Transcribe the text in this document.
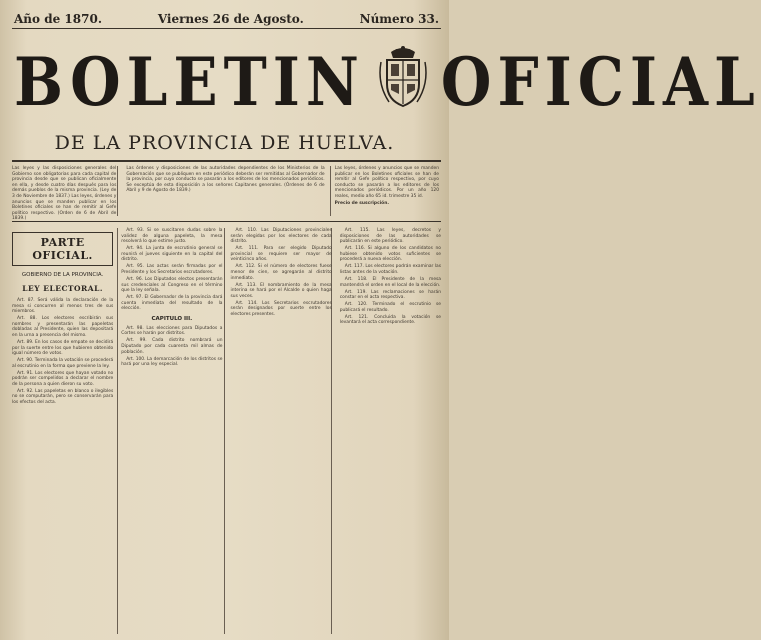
Año de 1870.	Viernes 26 de Agosto.	Número 33.
BOLETIN OFICIAL
DE LA PROVINCIA DE HUELVA.

Las leyes y las disposiciones generales del Gobierno son obligatorias para cada capital de provincia desde que se publican oficialmente en ella, y desde cuatro días después para los demás pueblos de la misma provincia. (Ley de 3 de Noviembre de 1837.) Las leyes, órdenes y anuncios que se manden publicar en los Boletines oficiales se han de remitir al Gefe político respectivo. (Orden de 6 de Abril de 1839.)

Las órdenes y disposiciones de las autoridades dependientes de los Ministerios de la Gobernación que se publiquen en este periódico deberán ser remitidas al Gobernador de la provincia, por cuyo conducto se pasarán a los editores de los mencionados periódicos. Se exceptúa de esta disposición a los señores Capitanes generales. (Órdenes de 6 de Abril y 9 de Agosto de 1839.)

Las leyes, órdenes y anuncios que se manden publicar en los Boletines oficiales se han de remitir al Gefe político respectivo, por cuyo conducto se pasarán a los editores de los mencionados periódicos. Por un año 120 reales, medio año 65 id. trimestre 35 id.

Precio de suscripción.

PARTE OFICIAL.
GOBIERNO DE LA PROVINCIA.
LEY ELECTORAL.

Art. 87. Será válida la declaración de la mesa si concurren al menos tres de sus miembros.

Art. 88. Los electores escribirán sus nombres y presentarán las papeletas dobladas al Presidente, quien las depositará en la urna a presencia del mismo.

Art. 89. En los casos de empate se decidirá por la suerte entre los que hubieren obtenido igual número de votos.

Art. 90. Terminada la votación se procederá al escrutinio en la forma que previene la ley.

Art. 91. Los electores que hayan votado no podrán ser compelidos a declarar el nombre de la persona a quien dieron su voto.

Art. 92. Las papeletas en blanco o ilegibles no se computarán, pero se conservarán para los efectos del acta.

Art. 93. Si se suscitaren dudas sobre la validez de alguna papeleta, la mesa resolverá lo que estime justo.

Art. 94. La junta de escrutinio general se reunirá el jueves siguiente en la capital del distrito.

Art. 95. Las actas serán firmadas por el Presidente y los Secretarios escrutadores.

Art. 96. Los Diputados electos presentarán sus credenciales al Congreso en el término que la ley señala.

Art. 97. El Gobernador de la provincia dará cuenta inmediata del resultado de la elección.

CAPITULO III.

Art. 98. Las elecciones para Diputados a Cortes se harán por distritos.

Art. 99. Cada distrito nombrará un Diputado por cada cuarenta mil almas de población.

Art. 100. La demarcación de los distritos se hará por una ley especial.

Art. 110. Las Diputaciones provinciales serán elegidas por los electores de cada distrito.

Art. 111. Para ser elegido Diputado provincial se requiere ser mayor de veinticinco años.

Art. 112. Si el número de electores fuese menor de cien, se agregarán al distrito inmediato.

Art. 113. El nombramiento de la mesa interina se hará por el Alcalde o quien haga sus veces.

Art. 114. Los Secretarios escrutadores serán designados por suerte entre los electores presentes.

Art. 115. Las leyes, decretos y disposiciones de las autoridades se publicarán en este periódico.

Art. 116. Si alguno de los candidatos no hubiese obtenido votos suficientes se procederá a nueva elección.

Art. 117. Los electores podrán examinar las listas antes de la votación.

Art. 118. El Presidente de la mesa mantendrá el orden en el local de la elección.

Art. 119. Las reclamaciones se harán constar en el acta respectiva.

Art. 120. Terminado el escrutinio se publicará el resultado.

Art. 121. Concluida la votación se levantará el acta correspondiente.
